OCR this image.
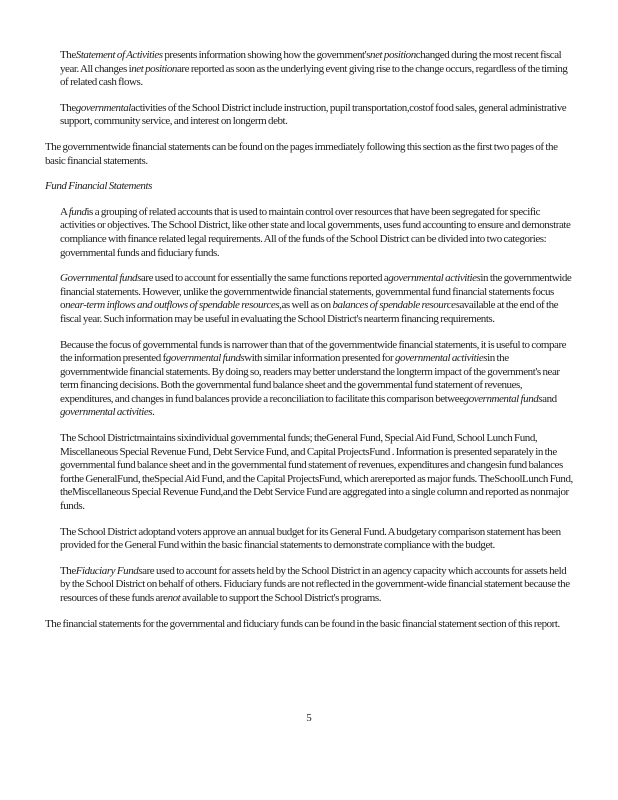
TheStatement of Activities presents information showing how the government'snet positionchanged during the most recent fiscal year. All changes inet positionare reported as soon as the underlying event giving rise to the change occurs, regardless of the timing of related cash flows.

Thegovernmentalactivities of the School District include instruction, pupil transportation,costof food sales, general administrative support, community service, and interest on longerm debt.

The governmentwide financial statements can be found on the pages immediately following this section as the first two pages of the basic financial statements.

Fund Financial Statements

A fundis a grouping of related accounts that is used to maintain control over resources that have been segregated for specific activities or objectives. The School District, like other state and local governments, uses fund accounting to ensure and demonstrate compliance with finance related legal requirements. All of the funds of the School District can be divided into two categories: governmental funds and fiduciary funds.

Governmental fundsare used to account for essentially the same functions reported agovernmental activitiesin the governmentwide financial statements. However, unlike the governmentwide financial statements, governmental fund financial statements focus onear-term inflows and outflows of spendable resources,as well as on balances of spendable resourcesavailable at the end of the fiscal year. Such information may be useful in evaluating the School District's nearterm financing requirements.

Because the focus of governmental funds is narrower than that of the governmentwide financial statements, it is useful to compare the information presented fgovernmental fundswith similar information presented for governmental activitiesin the governmentwide financial statements. By doing so, readers may better understand the longterm impact of the government's near term financing decisions. Both the governmental fund balance sheet and the governmental fund statement of revenues, expenditures, and changes in fund balances provide a reconciliation to facilitate this comparison betweegovernmental fundsand governmental activities.

The School Districtmaintains sixindividual governmental funds; theGeneral Fund, Special Aid Fund, School Lunch Fund, Miscellaneous Special Revenue Fund, Debt Service Fund, and Capital ProjectsFund . Information is presented separately in the governmental fund balance sheet and in the governmental fund statement of revenues, expenditures and changesin fund balances forthe GeneralFund, theSpecial Aid Fund, and the Capital ProjectsFund, which arereported as major funds. TheSchoolLunch Fund, theMiscellaneous Special Revenue Fund,and the Debt Service Fund are aggregated into a single column and reported as nonmajor funds.

The School District adoptand voters approve an annual budget for its General Fund. A budgetary comparison statement has been provided for the General Fund within the basic financial statements to demonstrate compliance with the budget.

TheFiduciary Fundsare used to account for assets held by the School District in an agency capacity which accounts for assets held by the School District on behalf of others. Fiduciary funds are not reflected in the government-wide financial statement because the resources of these funds arenot available to support the School District's programs.

The financial statements for the governmental and fiduciary funds can be found in the basic financial statement section of this report.

5
